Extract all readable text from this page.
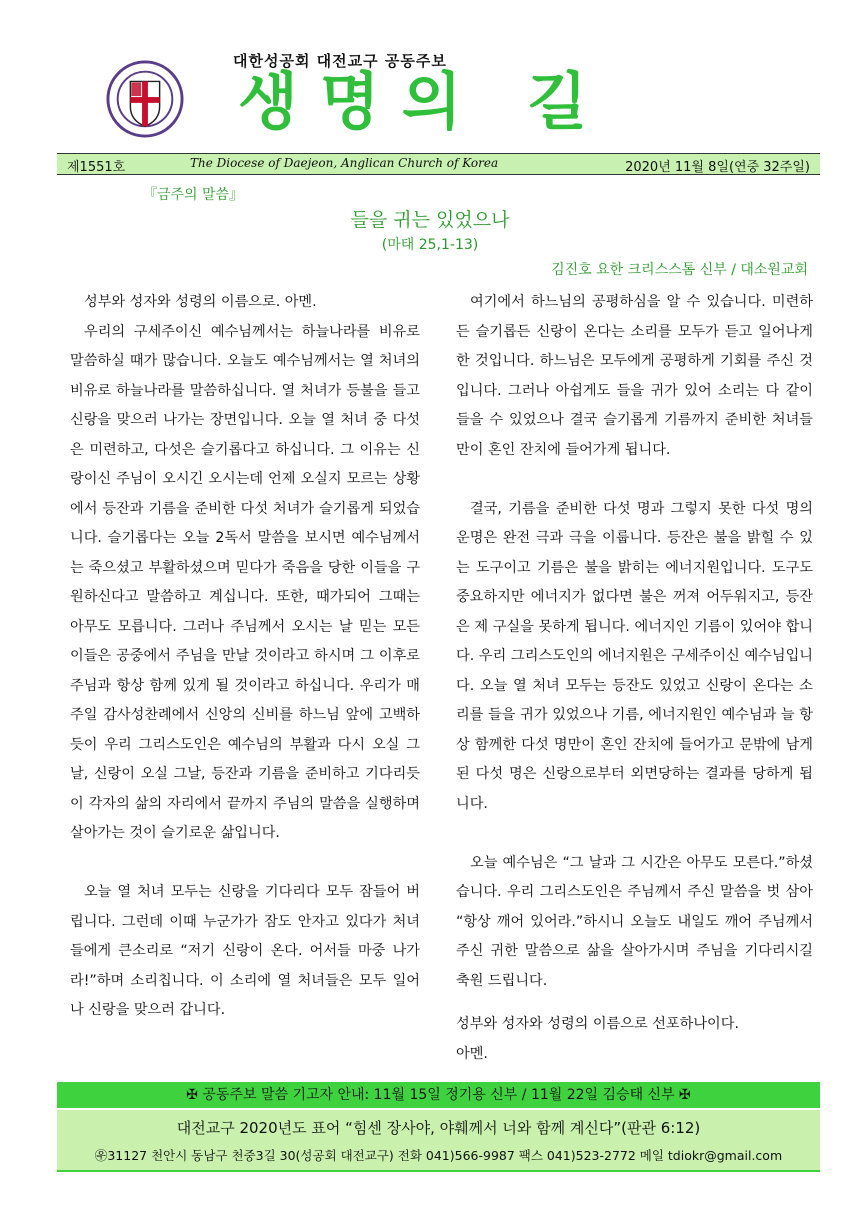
대한성공회 대전교구 공동주보
생명의 길
제1551호	The Diocese of Daejeon, Anglican Church of Korea	2020년 11월 8일(연중 32주일)
『금주의 말씀』
들을 귀는 있었으나
(마태 25,1-13)
김진호 요한 크리스스톰 신부 / 대소원교회

성부와 성자와 성령의 이름으로. 아멘.

우리의 구세주이신 예수님께서는 하늘나라를 비유로 말씀하실 때가 많습니다. 오늘도 예수님께서는 열 처녀의 비유로 하늘나라를 말씀하십니다. 열 처녀가 등불을 들고 신랑을 맞으러 나가는 장면입니다. 오늘 열 처녀 중 다섯은 미련하고, 다섯은 슬기롭다고 하십니다. 그 이유는 신랑이신 주님이 오시긴 오시는데 언제 오실지 모르는 상황에서 등잔과 기름을 준비한 다섯 처녀가 슬기롭게 되었습니다. 슬기롭다는 오늘 2독서 말씀을 보시면 예수님께서는 죽으셨고 부활하셨으며 믿다가 죽음을 당한 이들을 구원하신다고 말씀하고 계십니다. 또한, 때가되어 그때는 아무도 모릅니다. 그러나 주님께서 오시는 날 믿는 모든 이들은 공중에서 주님을 만날 것이라고 하시며 그 이후로 주님과 항상 함께 있게 될 것이라고 하십니다. 우리가 매주일 감사성찬례에서 신앙의 신비를 하느님 앞에 고백하듯이 우리 그리스도인은 예수님의 부활과 다시 오실 그날, 신랑이 오실 그날, 등잔과 기름을 준비하고 기다리듯이 각자의 삶의 자리에서 끝까지 주님의 말씀을 실행하며 살아가는 것이 슬기로운 삶입니다.

오늘 열 처녀 모두는 신랑을 기다리다 모두 잠들어 버립니다. 그런데 이때 누군가가 잠도 안자고 있다가 처녀들에게 큰소리로 “저기 신랑이 온다. 어서들 마중 나가라!”하며 소리칩니다. 이 소리에 열 처녀들은 모두 일어나 신랑을 맞으러 갑니다.

여기에서 하느님의 공평하심을 알 수 있습니다. 미련하든 슬기롭든 신랑이 온다는 소리를 모두가 듣고 일어나게 한 것입니다. 하느님은 모두에게 공평하게 기회를 주신 것입니다. 그러나 아쉽게도 들을 귀가 있어 소리는 다 같이 들을 수 있었으나 결국 슬기롭게 기름까지 준비한 처녀들만이 혼인 잔치에 들어가게 됩니다.

결국, 기름을 준비한 다섯 명과 그렇지 못한 다섯 명의 운명은 완전 극과 극을 이룹니다. 등잔은 불을 밝힐 수 있는 도구이고 기름은 불을 밝히는 에너지원입니다. 도구도 중요하지만 에너지가 없다면 불은 꺼져 어두워지고, 등잔은 제 구실을 못하게 됩니다. 에너지인 기름이 있어야 합니다. 우리 그리스도인의 에너지원은 구세주이신 예수님입니다. 오늘 열 처녀 모두는 등잔도 있었고 신랑이 온다는 소리를 들을 귀가 있었으나 기름, 에너지원인 예수님과 늘 항상 함께한 다섯 명만이 혼인 잔치에 들어가고 문밖에 남게 된 다섯 명은 신랑으로부터 외면당하는 결과를 당하게 됩니다.

오늘 예수님은 “그 날과 그 시간은 아무도 모른다.”하셨습니다. 우리 그리스도인은 주님께서 주신 말씀을 벗 삼아 “항상 깨어 있어라.”하시니 오늘도 내일도 깨어 주님께서 주신 귀한 말씀으로 삶을 살아가시며 주님을 기다리시길 축원 드립니다.

성부와 성자와 성령의 이름으로 선포하나이다.

아멘.

✠ 공동주보 말씀 기고자 안내: 11월 15일 정기용 신부 / 11월 22일 김승태 신부 ✠
대전교구 2020년도 표어 “힘센 장사야, 야훼께서 너와 함께 계신다”(판관 6:12)
㉾31127 천안시 동남구 천중3길 30(성공회 대전교구) 전화 041)566-9987 팩스 041)523-2772 메일 tdiokr@gmail.com
